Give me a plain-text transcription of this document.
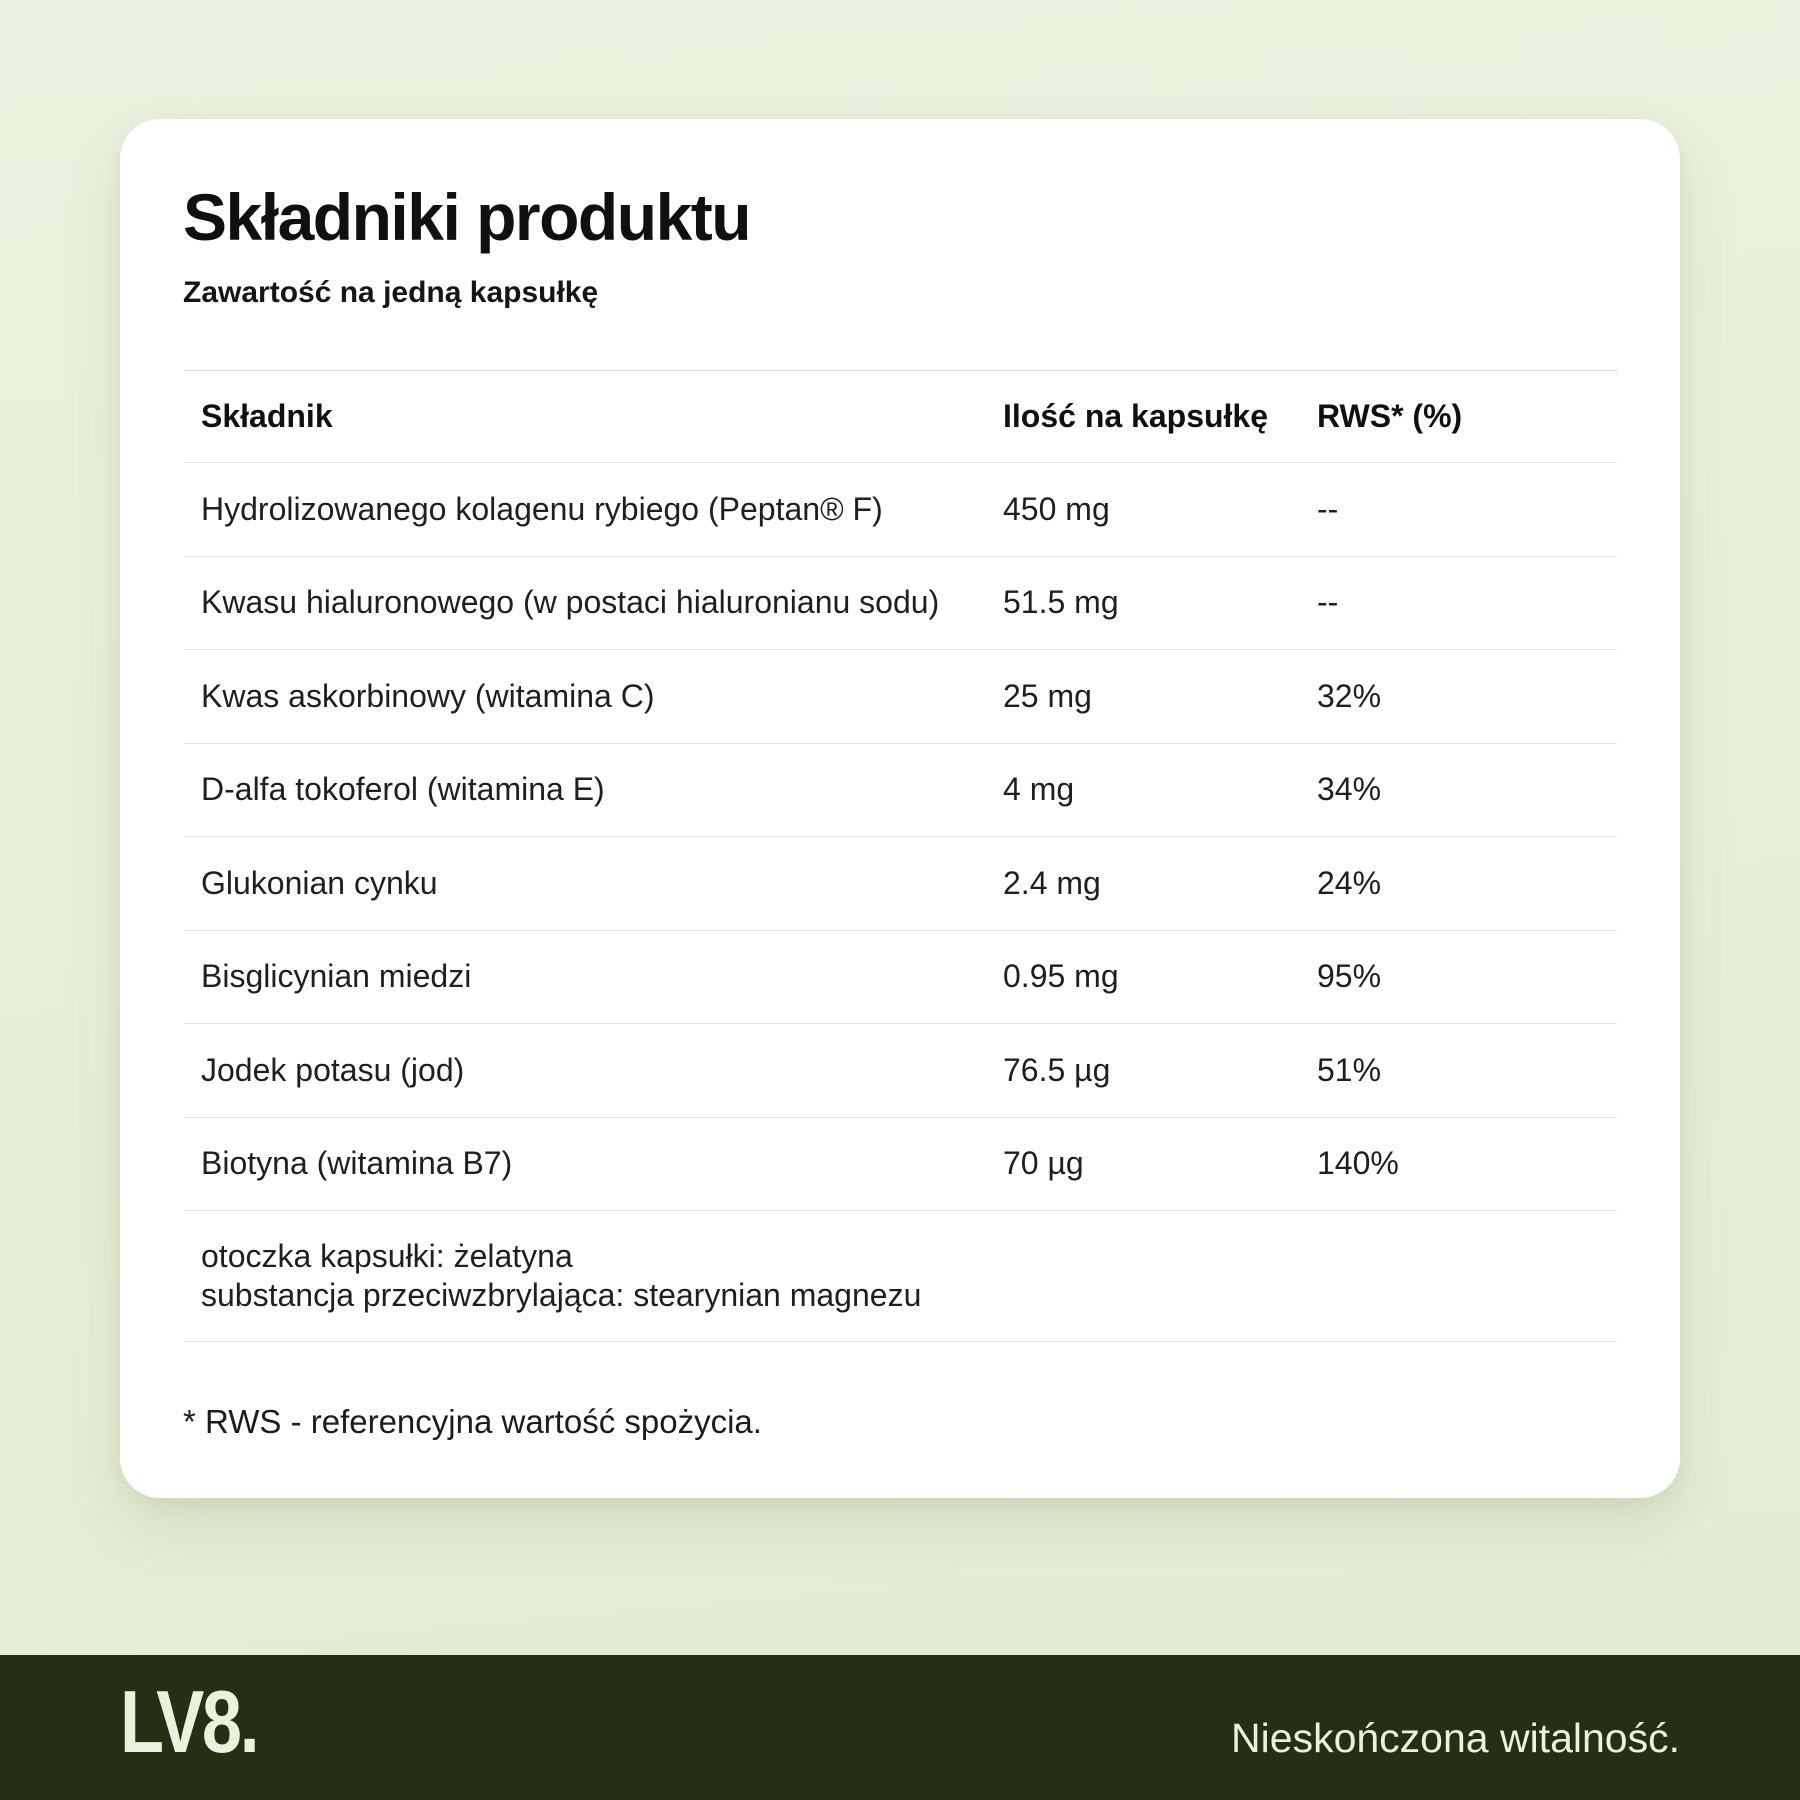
Składniki produktu
Zawartość na jedną kapsułkę
Składnik	Ilość na kapsułkę	RWS* (%)
Hydrolizowanego kolagenu rybiego (Peptan® F)	450 mg	--
Kwasu hialuronowego (w postaci hialuronianu sodu)	51.5 mg	--
Kwas askorbinowy (witamina C)	25 mg	32%
D-alfa tokoferol (witamina E)	4 mg	34%
Glukonian cynku	2.4 mg	24%
Bisglicynian miedzi	0.95 mg	95%
Jodek potasu (jod)	76.5 µg	51%
Biotyna (witamina B7)	70 µg	140%
otoczka kapsułki: żelatyna
substancja przeciwzbrylająca: stearynian magnezu
* RWS - referencyjna wartość spożycia.
LV8.	Nieskończona witalność.
